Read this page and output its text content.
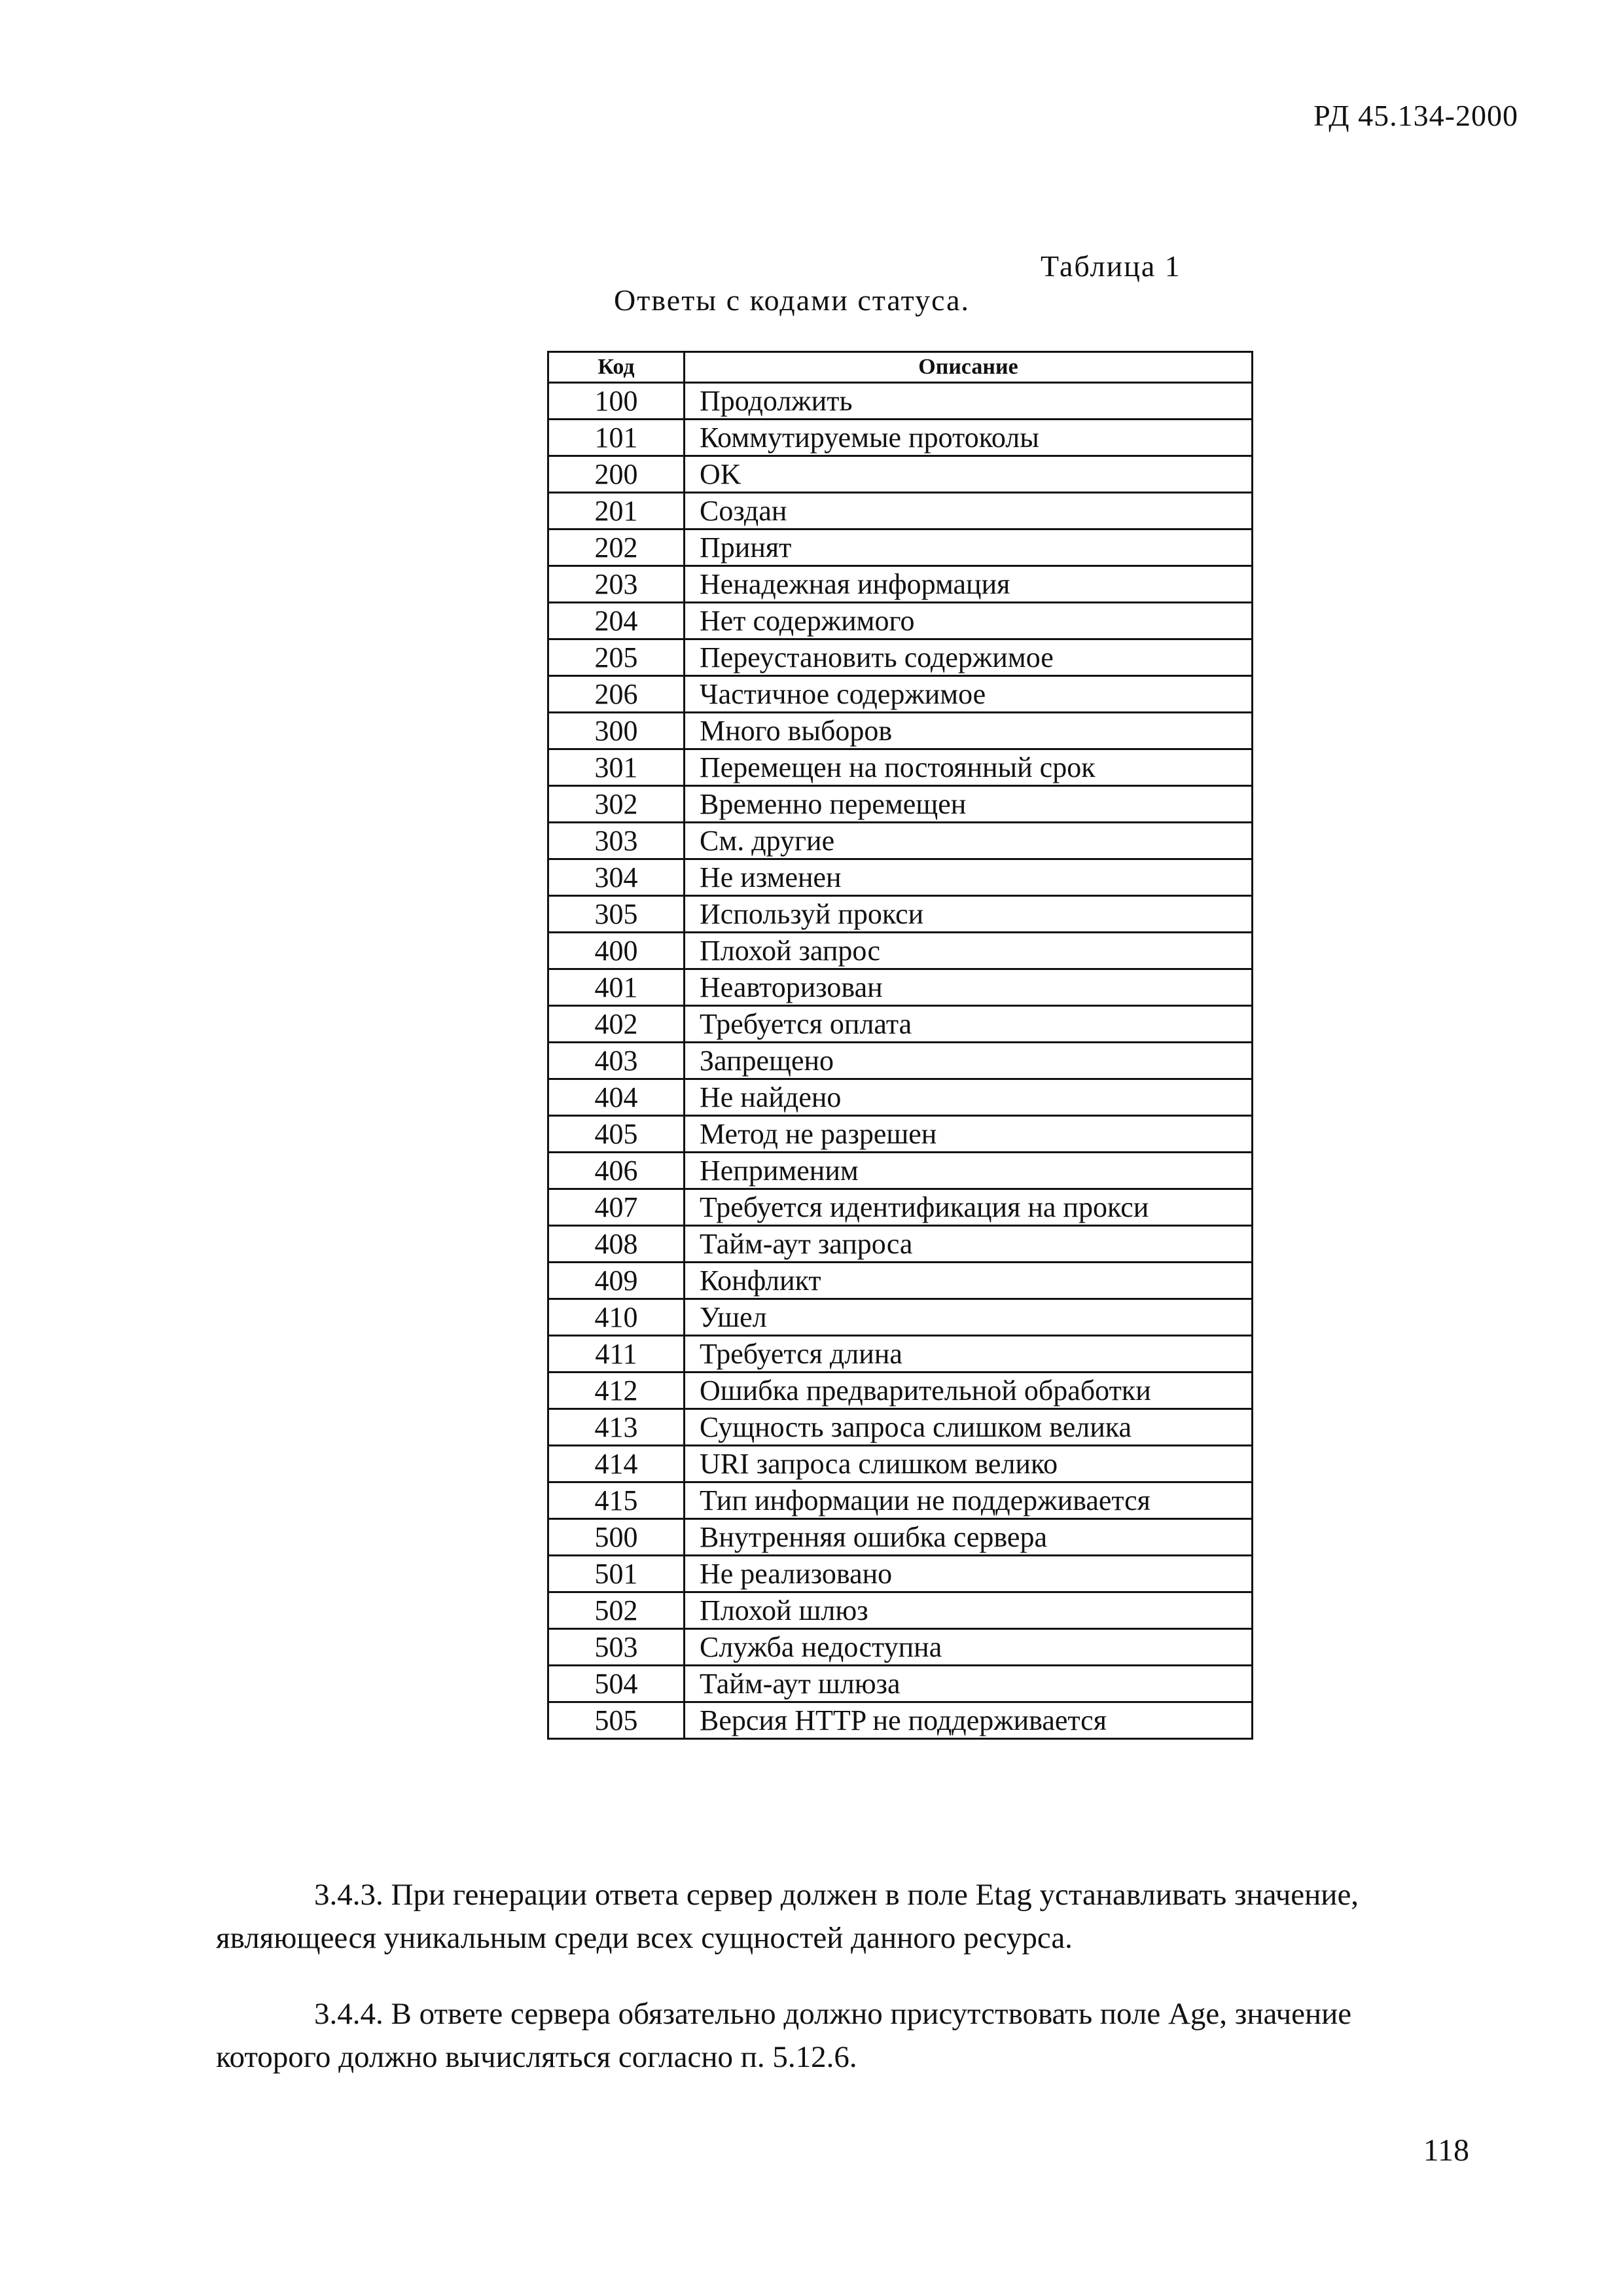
РД 45.134-2000
Таблица 1
Ответы с кодами статуса.
Код	Описание
100	Продолжить
101	Коммутируемые протоколы
200	OK
201	Создан
202	Принят
203	Ненадежная информация
204	Нет содержимого
205	Переустановить содержимое
206	Частичное содержимое
300	Много выборов
301	Перемещен на постоянный срок
302	Временно перемещен
303	См. другие
304	Не изменен
305	Используй прокси
400	Плохой запрос
401	Неавторизован
402	Требуется оплата
403	Запрещено
404	Не найдено
405	Метод не разрешен
406	Неприменим
407	Требуется идентификация на прокси
408	Тайм-аут запроса
409	Конфликт
410	Ушел
411	Требуется длина
412	Ошибка предварительной обработки
413	Сущность запроса слишком велика
414	URI запроса слишком велико
415	Тип информации не поддерживается
500	Внутренняя ошибка сервера
501	Не реализовано
502	Плохой шлюз
503	Служба недоступна
504	Тайм-аут шлюза
505	Версия HTTP не поддерживается

3.4.3. При генерации ответа сервер должен в поле Etag устанавливать значение, являющееся уникальным среди всех сущностей данного ресурса.

3.4.4. В ответе сервера обязательно должно присутствовать поле Age, значение которого должно вычисляться согласно п. 5.12.6.

118
